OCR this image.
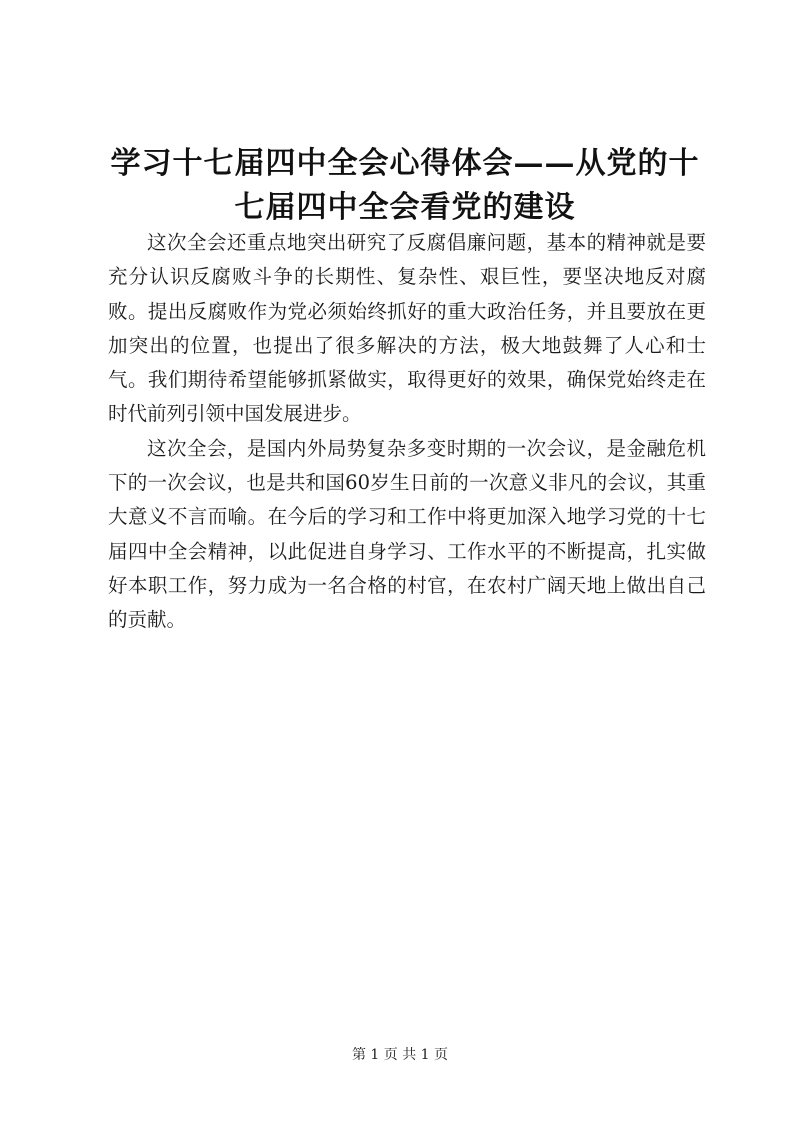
学习十七届四中全会心得体会——从党的十七届四中全会看党的建设

这次全会还重点地突出研究了反腐倡廉问题，基本的精神就是要充分认识反腐败斗争的长期性、复杂性、艰巨性，要坚决地反对腐败。提出反腐败作为党必须始终抓好的重大政治任务，并且要放在更加突出的位置，也提出了很多解决的方法，极大地鼓舞了人心和士气。我们期待希望能够抓紧做实，取得更好的效果，确保党始终走在时代前列引领中国发展进步。

这次全会，是国内外局势复杂多变时期的一次会议，是金融危机下的一次会议，也是共和国60岁生日前的一次意义非凡的会议，其重大意义不言而喻。在今后的学习和工作中将更加深入地学习党的十七届四中全会精神，以此促进自身学习、工作水平的不断提高，扎实做好本职工作，努力成为一名合格的村官，在农村广阔天地上做出自己的贡献。

第 1 页 共 1 页
